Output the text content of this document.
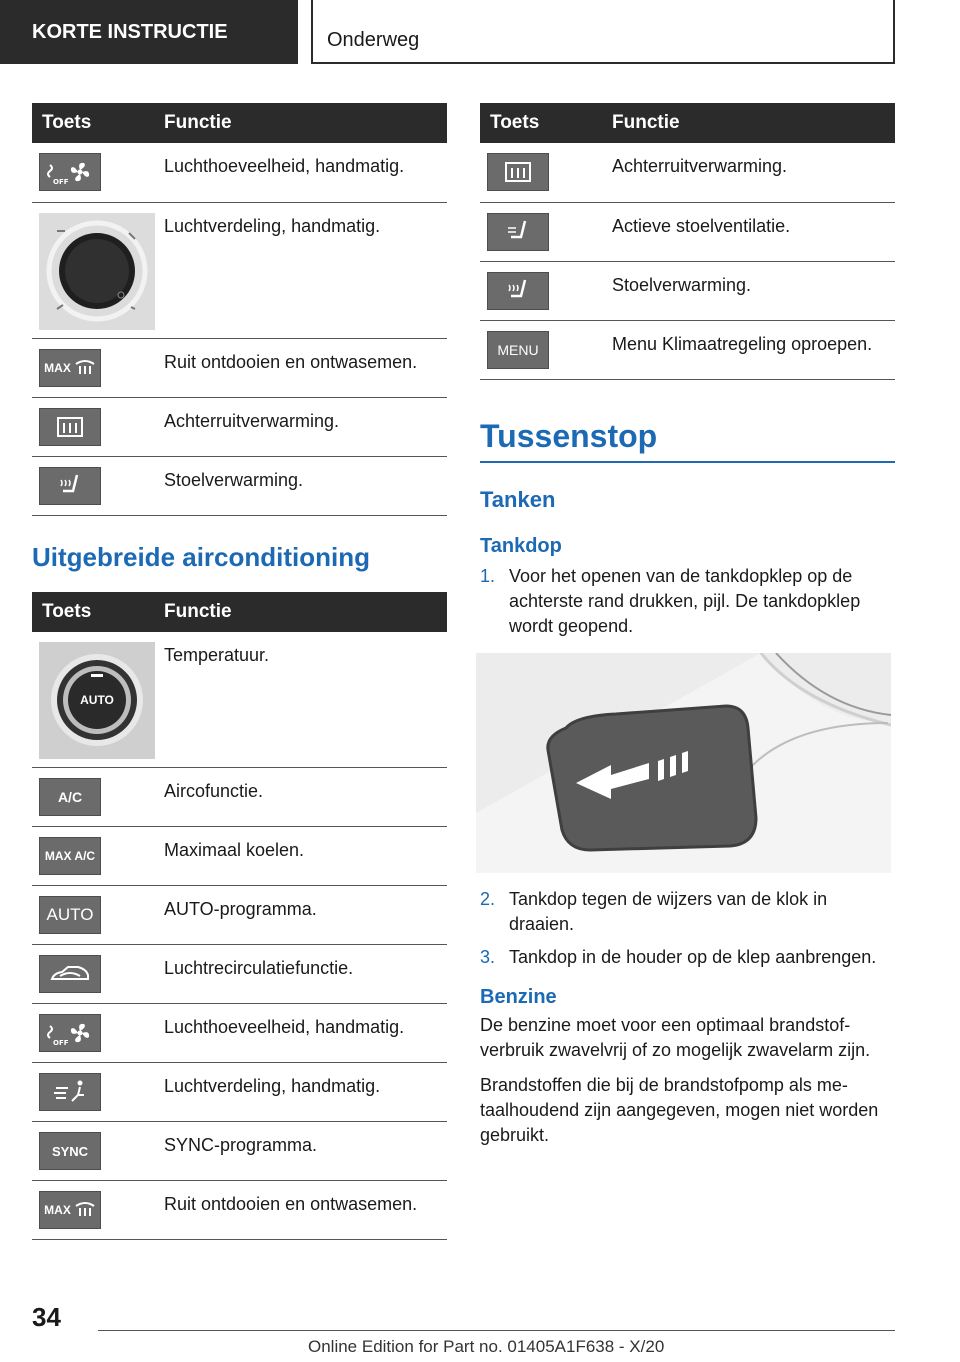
KORTE INSTRUCTIE	Onderweg
Toets	Functie

OFF	Luchthoeveelheid, handmatig.

	Luchtverdeling, handmatig.

MAX	Ruit ontdooien en ontwasemen.

	Achterruitverwarming.

	Stoelverwarming.
Uitgebreide airconditioning
Toets	Functie

AUTO	Temperatuur.

A/C	Aircofunctie.

MAX A/C	Maximaal koelen.

AUTO	AUTO-programma.

	Luchtrecirculatiefunctie.

OFF	Luchthoeveelheid, handmatig.

	Luchtverdeling, handmatig.

SYNC	SYNC-programma.

MAX	Ruit ontdooien en ontwasemen.
Toets	Functie

	Achterruitverwarming.

	Actieve stoelventilatie.

	Stoelverwarming.

MENU	Menu Klimaatregeling oproepen.
Tussenstop
Tanken
Tankdop
1. Voor het openen van de tankdopklep op de achterste rand drukken, pijl. De tankdopklep wordt geopend.
2. Tankdop tegen de wijzers van de klok in draaien.
3. Tankdop in de houder op de klep aanbrengen.
Benzine

De benzine moet voor een optimaal brandstofverbruik zwavelvrij of zo mogelijk zwavelarm zijn.

Brandstoffen die bij de brandstofpomp als metaalhoudend zijn aangegeven, mogen niet worden gebruikt.

34
Online Edition for Part no. 01405A1F638 - X/20
